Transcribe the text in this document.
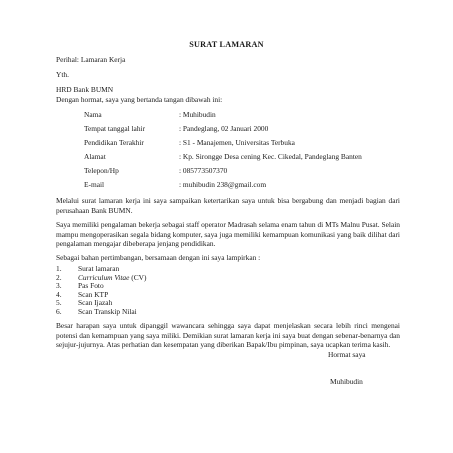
SURAT LAMARAN
Perihal: Lamaran Kerja
Yth.
HRD Bank BUMN
Dengan hormat, saya yang bertanda tangan dibawah ini:
Nama	: Muhibudin
Tempat tanggal lahir	: Pandeglang, 02 Januari 2000
Pendidikan Terakhir	: S1 - Manajemen, Universitas Terbuka
Alamat	: Kp. Sirongge Desa cening Kec. Cikedal, Pandeglang Banten
Telepon/Hp	: 085773507370
E-mail	: muhibudin 238@gmail.com
Melalui surat lamaran kerja ini saya sampaikan ketertarikan saya untuk bisa bergabung dan menjadi bagian dari perusahaan Bank BUMN.
Saya memiliki pengalaman bekerja sebagai staff operator Madrasah selama enam tahun di MTs Malnu Pusat. Selain mampu mengoperasikan segala bidang komputer, saya juga memiliki kemampuan komunikasi yang baik dilihat dari pengalaman mengajar dibeberapa jenjang pendidikan.
Sebagai bahan pertimbangan, bersamaan dengan ini saya lampirkan :
1. Surat lamaran
2. Curriculum Vitae (CV)
3. Pas Foto
4. Scan KTP
5. Scan Ijazah
6. Scan Transkip Nilai
Besar harapan saya untuk dipanggil wawancara sehingga saya dapat menjelaskan secara lebih rinci mengenai potensi dan kemampuan yang saya miliki. Demikian surat lamaran kerja ini saya buat dengan sebenar-benarnya dan sejujur-jujurnya. Atas perhatian dan kesempatan yang diberikan Bapak/Ibu pimpinan, saya ucapkan terima kasih.
Hormat saya
Muhibudin
